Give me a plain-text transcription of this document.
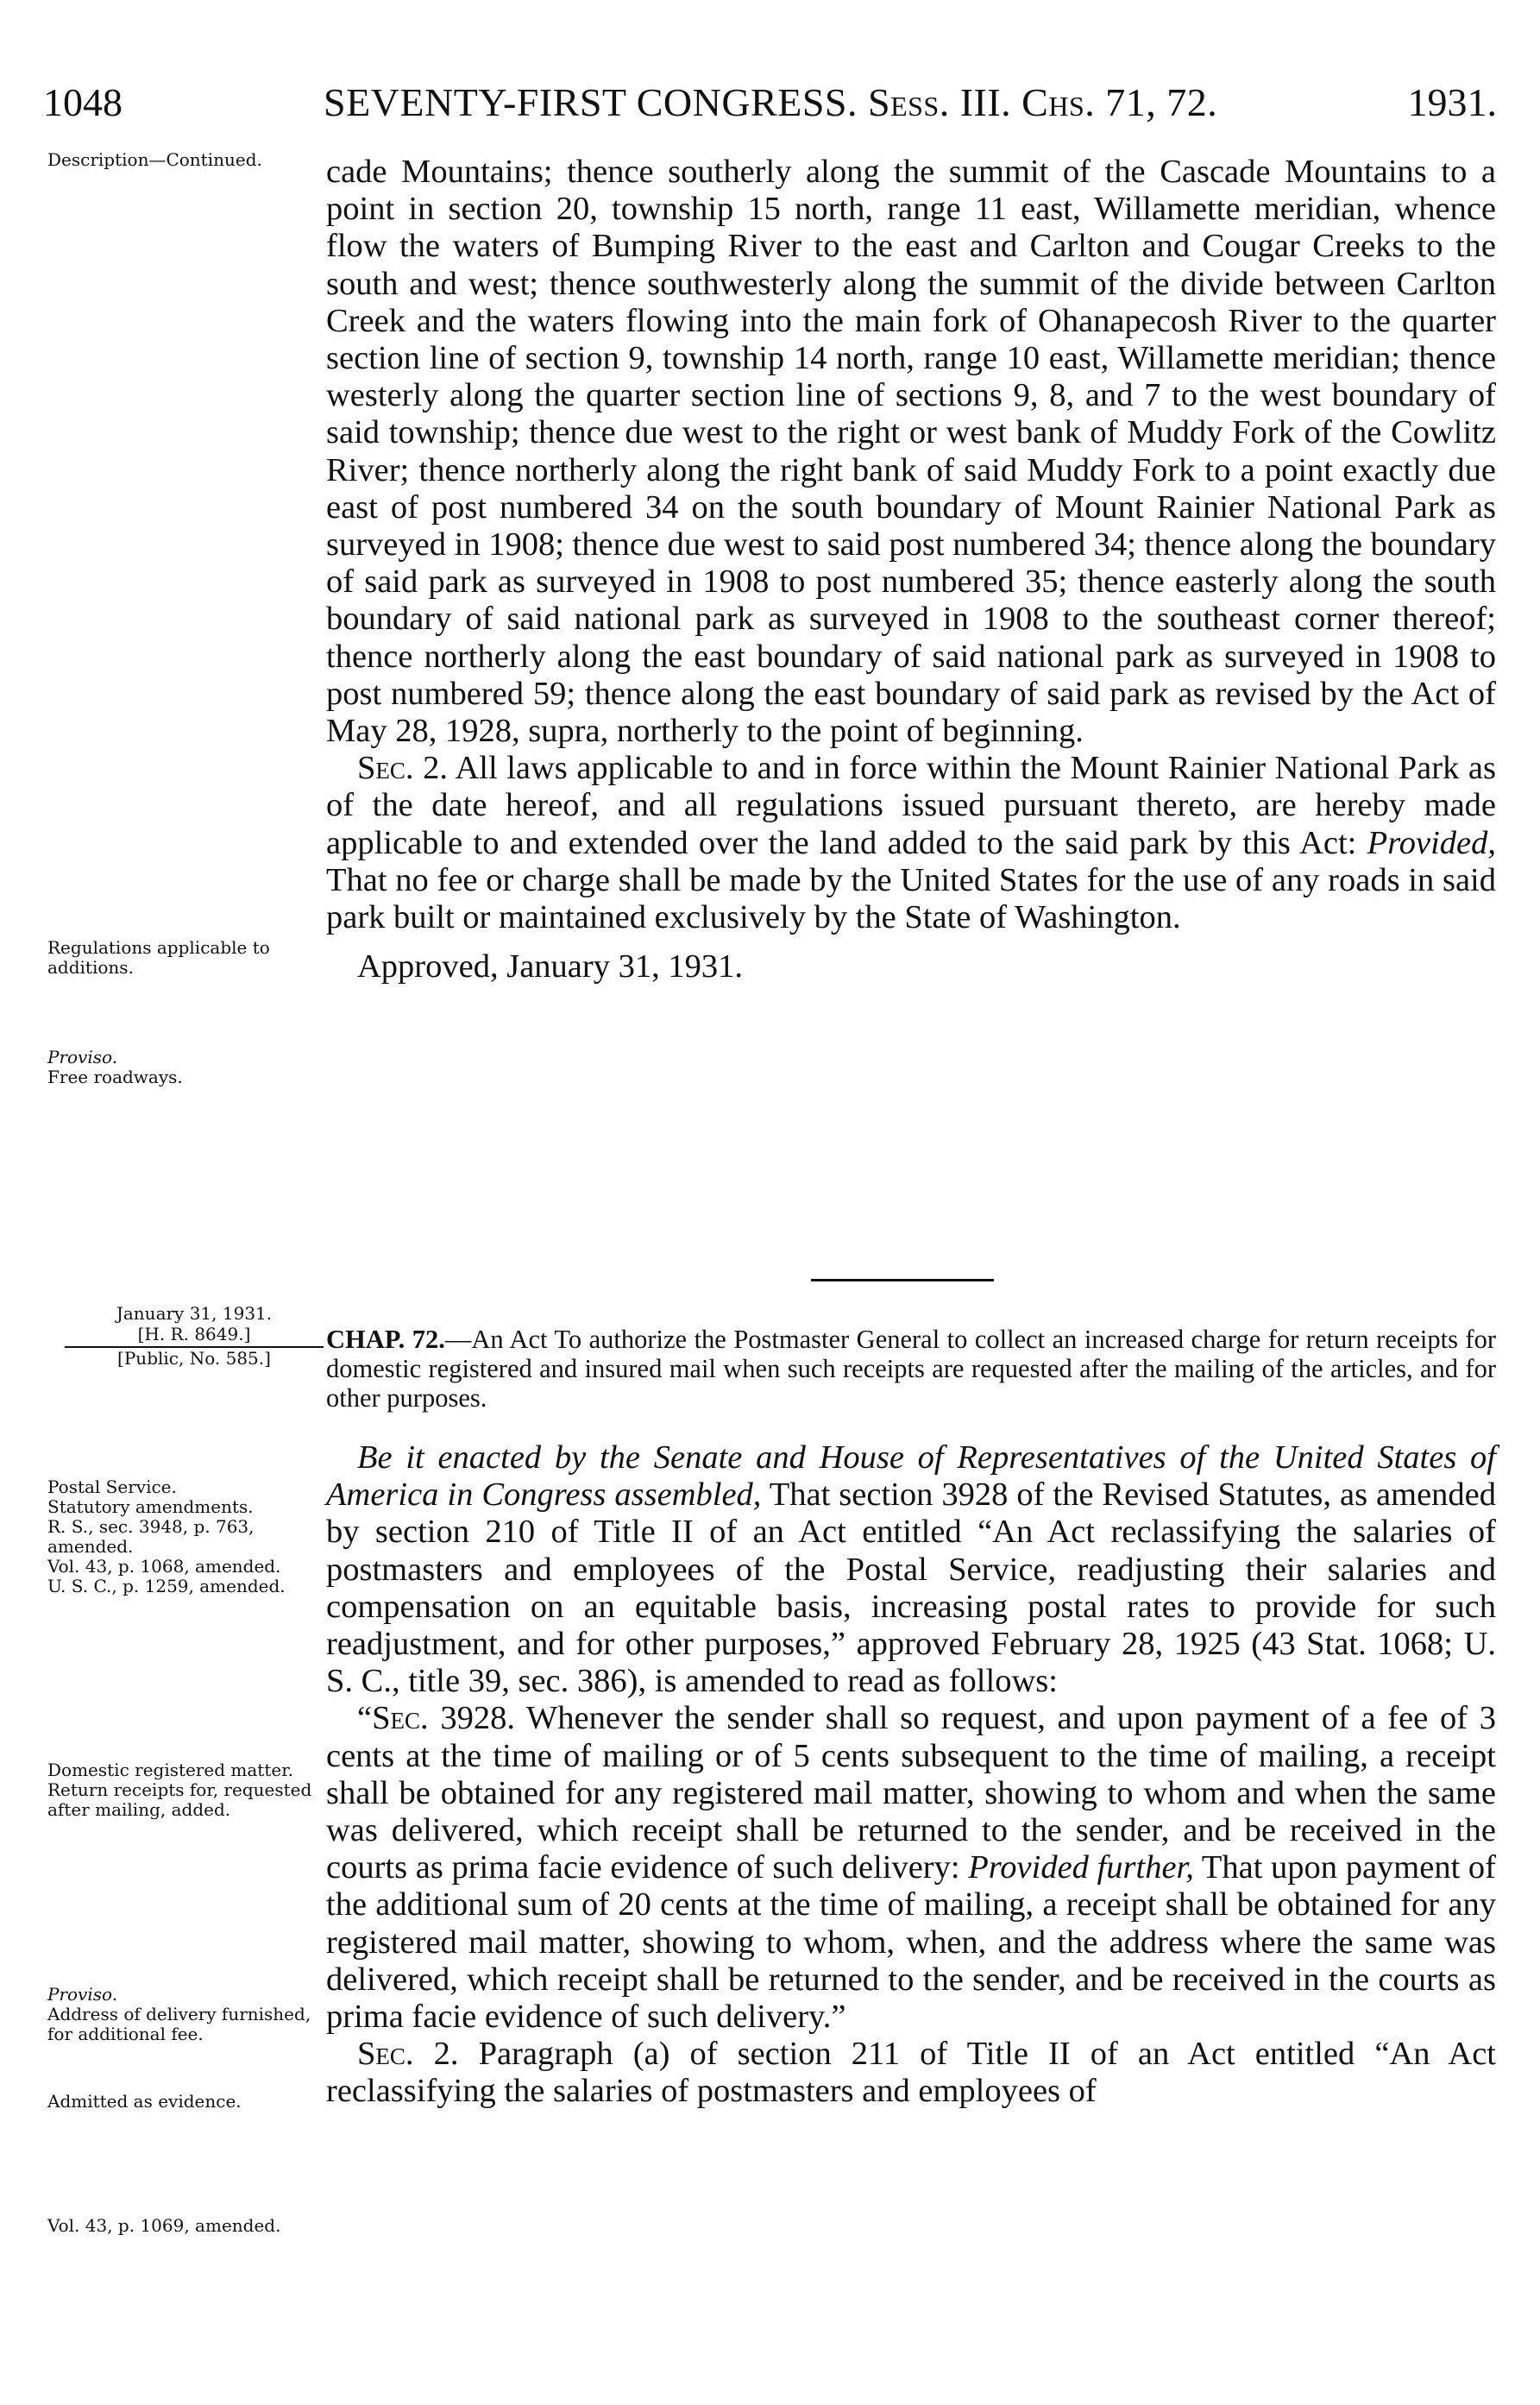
1048	SEVENTY-FIRST CONGRESS. Sess. III. Chs. 71, 72.	1931.
Description—Continued.
Regulations applicable to additions.
Proviso.
Free roadways.
January 31, 1931.
[H. R. 8649.]
[Public, No. 585.]
Postal Service.
Statutory amendments.
R. S., sec. 3948, p. 763, amended.
Vol. 43, p. 1068, amended.
U. S. C., p. 1259, amended.
Domestic registered matter.
Return receipts for, requested after mailing, added.
Proviso.
Address of delivery furnished, for additional fee.
Admitted as evidence.
Vol. 43, p. 1069, amended.

cade Mountains; thence southerly along the summit of the Cascade Mountains to a point in section 20, township 15 north, range 11 east, Willamette meridian, whence flow the waters of Bumping River to the east and Carlton and Cougar Creeks to the south and west; thence southwesterly along the summit of the divide between Carlton Creek and the waters flowing into the main fork of Ohanapecosh River to the quarter section line of section 9, township 14 north, range 10 east, Willamette meridian; thence westerly along the quarter section line of sections 9, 8, and 7 to the west boundary of said township; thence due west to the right or west bank of Muddy Fork of the Cowlitz River; thence northerly along the right bank of said Muddy Fork to a point exactly due east of post numbered 34 on the south boundary of Mount Rainier National Park as surveyed in 1908; thence due west to said post numbered 34; thence along the boundary of said park as surveyed in 1908 to post numbered 35; thence easterly along the south boundary of said national park as surveyed in 1908 to the southeast corner thereof; thence northerly along the east boundary of said national park as surveyed in 1908 to post numbered 59; thence along the east boundary of said park as revised by the Act of May 28, 1928, supra, northerly to the point of beginning.

Sec. 2. All laws applicable to and in force within the Mount Rainier National Park as of the date hereof, and all regulations issued pursuant thereto, are hereby made applicable to and extended over the land added to the said park by this Act: Provided, That no fee or charge shall be made by the United States for the use of any roads in said park built or maintained exclusively by the State of Washington.

Approved, January 31, 1931.

CHAP. 72.—An Act To authorize the Postmaster General to collect an increased charge for return receipts for domestic registered and insured mail when such receipts are requested after the mailing of the articles, and for other purposes.

Be it enacted by the Senate and House of Representatives of the United States of America in Congress assembled, That section 3928 of the Revised Statutes, as amended by section 210 of Title II of an Act entitled “An Act reclassifying the salaries of postmasters and employees of the Postal Service, readjusting their salaries and compensation on an equitable basis, increasing postal rates to provide for such readjustment, and for other purposes,” approved February 28, 1925 (43 Stat. 1068; U. S. C., title 39, sec. 386), is amended to read as follows:

“Sec. 3928. Whenever the sender shall so request, and upon payment of a fee of 3 cents at the time of mailing or of 5 cents subsequent to the time of mailing, a receipt shall be obtained for any registered mail matter, showing to whom and when the same was delivered, which receipt shall be returned to the sender, and be received in the courts as prima facie evidence of such delivery: Provided further, That upon payment of the additional sum of 20 cents at the time of mailing, a receipt shall be obtained for any registered mail matter, showing to whom, when, and the address where the same was delivered, which receipt shall be returned to the sender, and be received in the courts as prima facie evidence of such delivery.”

Sec. 2. Paragraph (a) of section 211 of Title II of an Act entitled “An Act reclassifying the salaries of postmasters and employees of
